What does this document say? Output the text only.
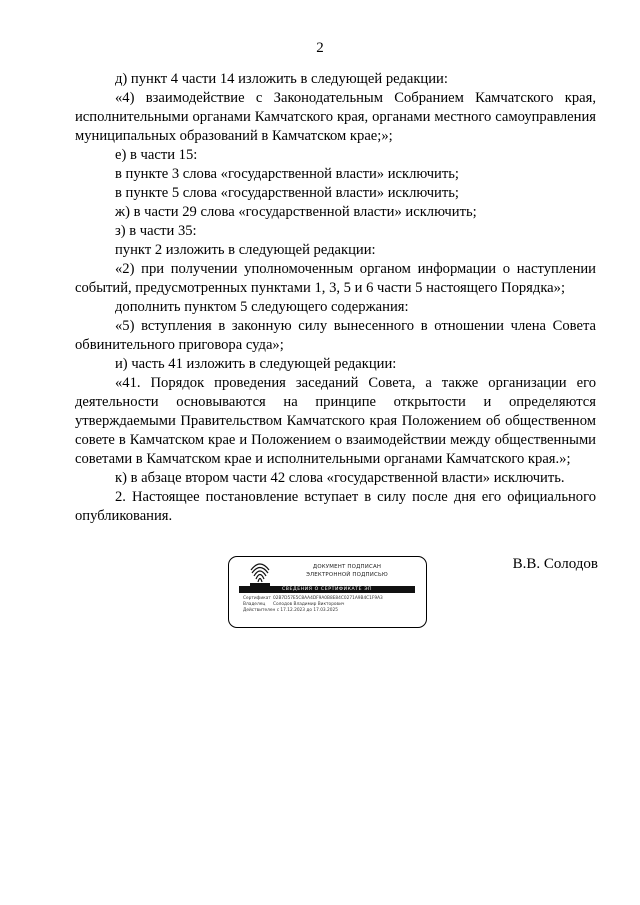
2

д) пункт 4 части 14 изложить в следующей редакции:

«4) взаимодействие с Законодательным Собранием Камчатского края, исполнительными органами Камчатского края, органами местного самоуправления муниципальных образований в Камчатском крае;»;

е) в части 15:

в пункте 3 слова «государственной власти» исключить;

в пункте 5 слова «государственной власти» исключить;

ж) в части 29 слова «государственной власти» исключить;

з) в части 35:

пункт 2 изложить в следующей редакции:

«2) при получении уполномоченным органом информации о наступлении событий, предусмотренных пунктами 1, 3, 5 и 6 части 5 настоящего Порядка»;

дополнить пунктом 5 следующего содержания:

«5) вступления в законную силу вынесенного в отношении члена Совета обвинительного приговора суда»;

и) часть 41 изложить в следующей редакции:

«41. Порядок проведения заседаний Совета, а также организации его деятельности основываются на принципе открытости и определяются утверждаемыми Правительством Камчатского края Положением об общественном совете в Камчатском крае и Положением о взаимодействии между общественными советами в Камчатском крае и исполнительными органами Камчатского края.»;

к) в абзаце втором части 42 слова «государственной власти» исключить.

2. Настоящее постановление вступает в силу после дня его официального опубликования.

ДОКУМЕНТ ПОДПИСАН
ЭЛЕКТРОННОЙ ПОДПИСЬЮ
СВЕДЕНИЯ О СЕРТИФИКАТЕ ЭП
Сертификат 02B7D57E5C8AA4DF9A0B8E84C0271A9B4C1F9A3
Владелец Солодов Владимир Викторович
Действителен с 17.12.2023 до 17.03.2025
В.В. Солодов
